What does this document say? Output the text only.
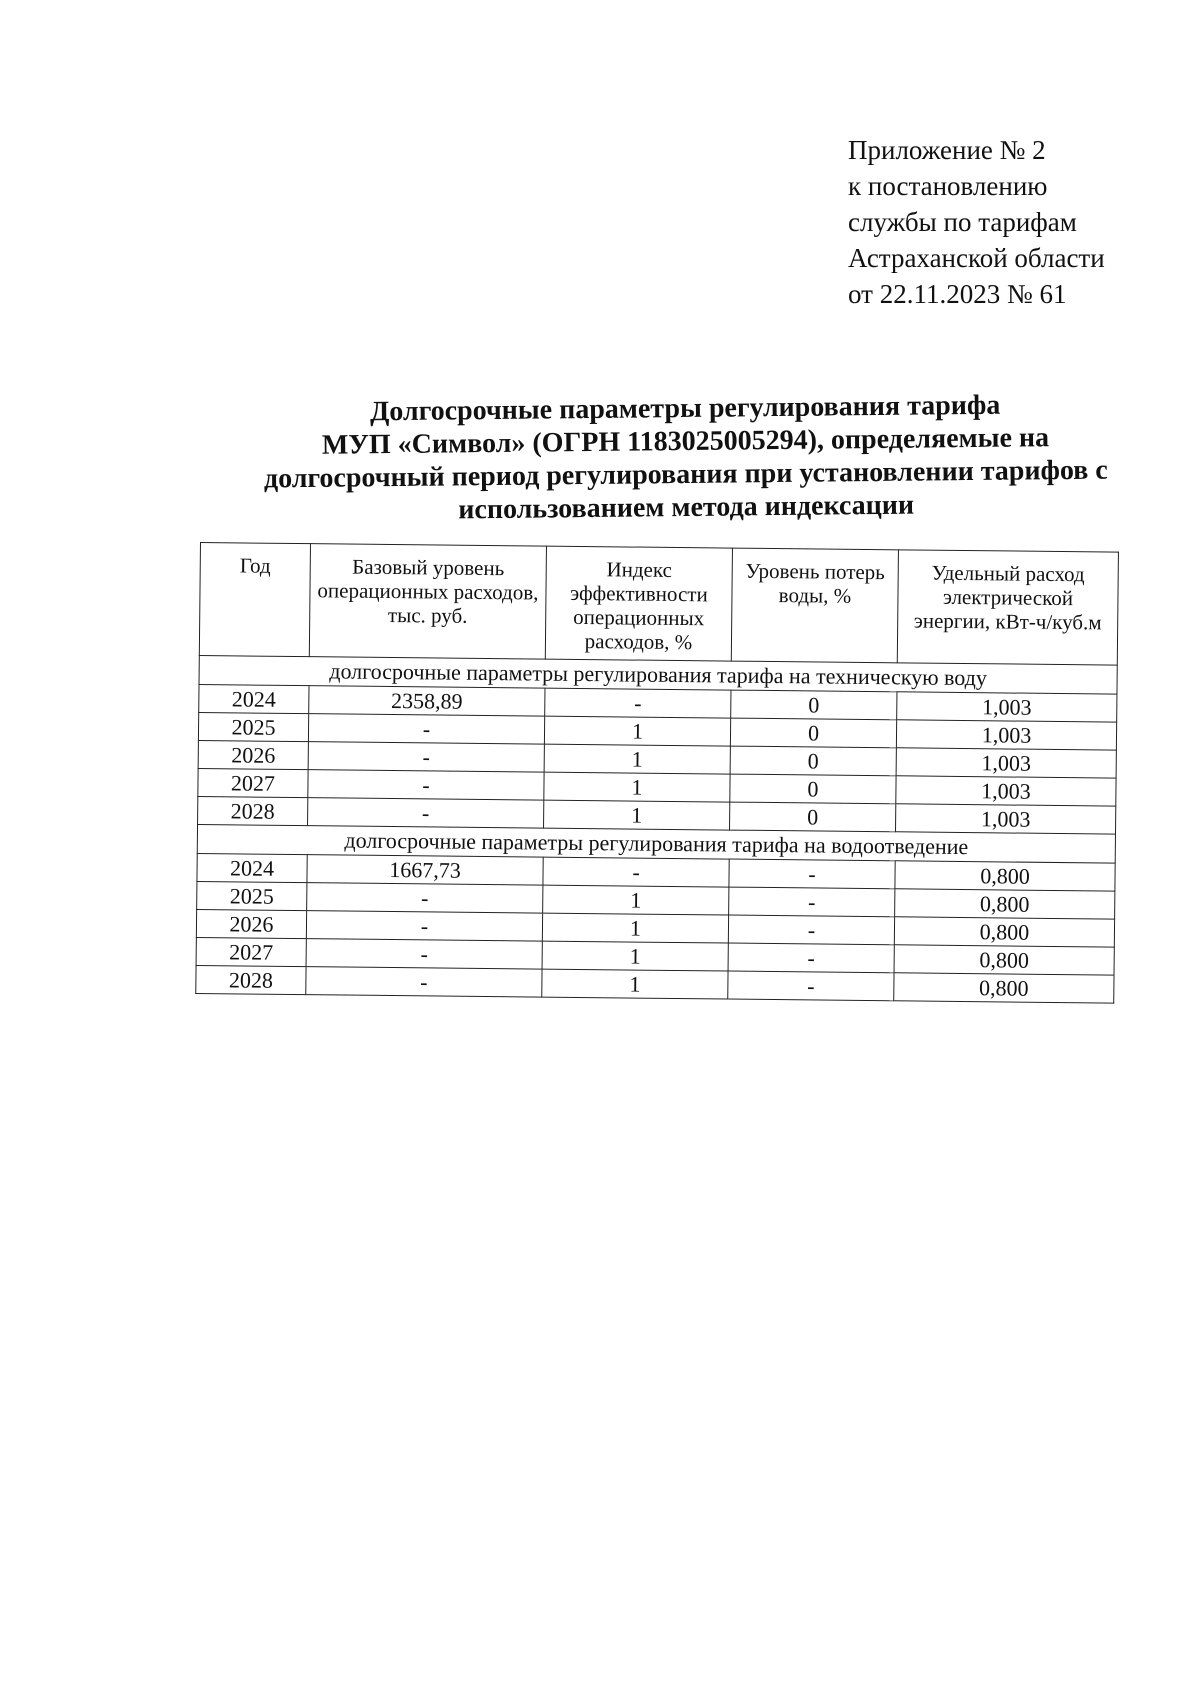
Приложение № 2
к постановлению
службы по тарифам
Астраханской области
от 22.11.2023 № 61
Долгосрочные параметры регулирования тарифа
МУП «Символ» (ОГРН 1183025005294), определяемые на
долгосрочный период регулирования при установлении тарифов с
использованием метода индексации
Год	Базовый уровень операционных расходов, тыс. руб.	Индекс эффективности операционных расходов, %	Уровень потерь воды, %	Удельный расход электрической энергии, кВт-ч/куб.м
долгосрочные параметры регулирования тарифа на техническую воду				
2024	2358,89	-	0	1,003
2025	-	1	0	1,003
2026	-	1	0	1,003
2027	-	1	0	1,003
2028	-	1	0	1,003
долгосрочные параметры регулирования тарифа на водоотведение				
2024	1667,73	-	-	0,800
2025	-	1	-	0,800
2026	-	1	-	0,800
2027	-	1	-	0,800
2028	-	1	-	0,800
